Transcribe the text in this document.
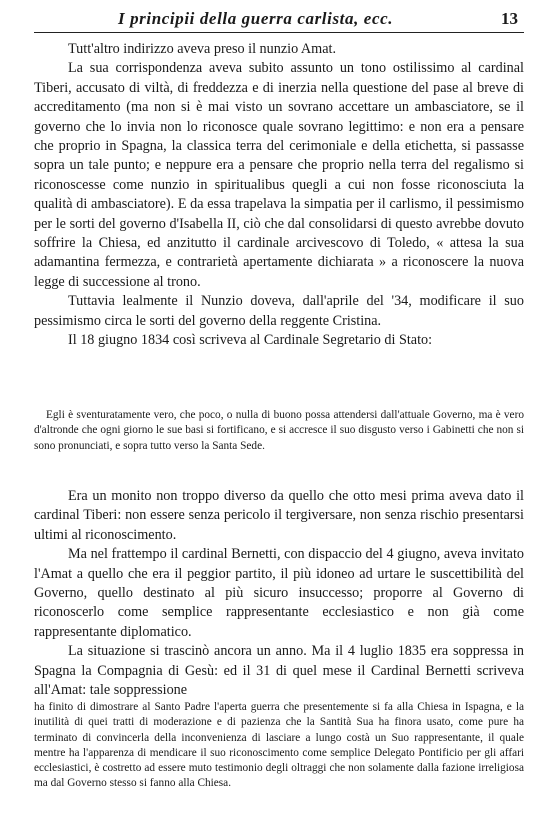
I principii della guerra carlista, ecc.	13

Tutt'altro indirizzo aveva preso il nunzio Amat.

La sua corrispondenza aveva subito assunto un tono ostilissimo al cardinal Tiberi, accusato di viltà, di freddezza e di inerzia nella questione del pase al breve di accreditamento (ma non si è mai visto un sovrano accettare un ambasciatore, se il governo che lo invia non lo riconosce quale sovrano legittimo: e non era a pensare che proprio in Spagna, la classica terra del cerimoniale e della etichetta, si passasse sopra un tale punto; e neppure era a pensare che proprio nella terra del regalismo si riconoscesse come nunzio in spiritualibus quegli a cui non fosse riconosciuta la qualità di ambasciatore). E da essa trapelava la simpatia per il carlismo, il pessimismo per le sorti del governo d'Isabella II, ciò che dal consolidarsi di questo avrebbe dovuto soffrire la Chiesa, ed anzitutto il cardinale arcivescovo di Toledo, « attesa la sua adamantina fermezza, e contrarietà apertamente dichiarata » a riconoscere la nuova legge di successione al trono.

Tuttavia lealmente il Nunzio doveva, dall'aprile del '34, modificare il suo pessimismo circa le sorti del governo della reggente Cristina.

Il 18 giugno 1834 così scriveva al Cardinale Segretario di Stato:

Egli è sventuratamente vero, che poco, o nulla di buono possa attendersi dall'attuale Governo, ma è vero d'altronde che ogni giorno le sue basi si fortificano, e si accresce il suo disgusto verso i Gabinetti che non si sono pronunciati, e sopra tutto verso la Santa Sede.

Era un monito non troppo diverso da quello che otto mesi prima aveva dato il cardinal Tiberi: non essere senza pericolo il tergiversare, non senza rischio presentarsi ultimi al riconoscimento.

Ma nel frattempo il cardinal Bernetti, con dispaccio del 4 giugno, aveva invitato l'Amat a quello che era il peggior partito, il più idoneo ad urtare le suscettibilità del Governo, quello destinato al più sicuro insuccesso; proporre al Governo di riconoscerlo come semplice rappresentante ecclesiastico e non già come rappresentante diplomatico.

La situazione si trascinò ancora un anno. Ma il 4 luglio 1835 era soppressa in Spagna la Compagnia di Gesù: ed il 31 di quel mese il Cardinal Bernetti scriveva all'Amat: tale soppressione

ha finito di dimostrare al Santo Padre l'aperta guerra che presentemente si fa alla Chiesa in Ispagna, e la inutilità di quei tratti di moderazione e di pazienza che la Santità Sua ha finora usato, come pure ha terminato di convincerla della inconvenienza di lasciare a lungo costà un Suo rappresentante, il quale mentre ha l'apparenza di mendicare il suo riconoscimento come semplice Delegato Pontificio per gli affari ecclesiastici, è costretto ad essere muto testimonio degli oltraggi che non solamente dalla fazione irreligiosa ma dal Governo stesso si fanno alla Chiesa.
